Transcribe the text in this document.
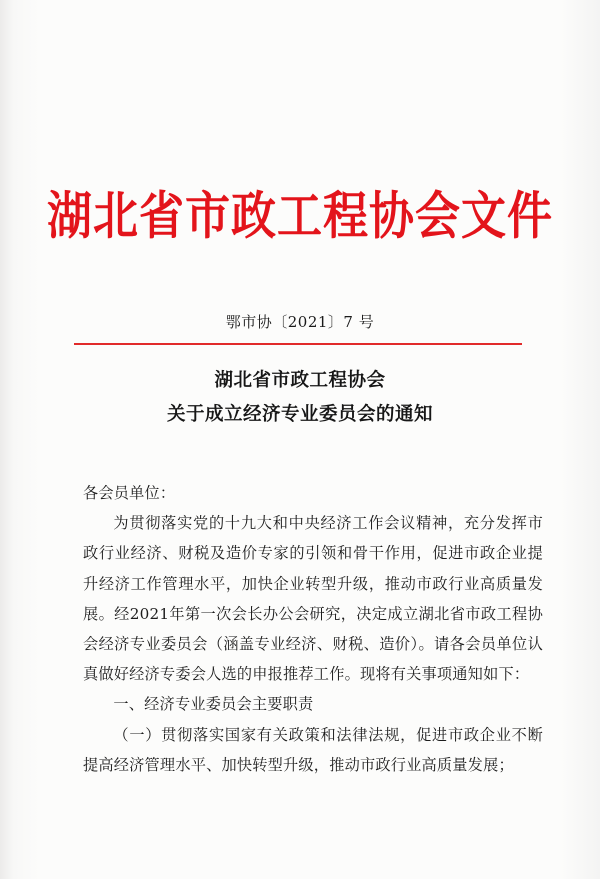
湖北省市政工程协会文件
鄂市协〔2021〕7 号
湖北省市政工程协会
关于成立经济专业委员会的通知

各会员单位：

为贯彻落实党的十九大和中央经济工作会议精神，充分发挥市政行业经济、财税及造价专家的引领和骨干作用，促进市政企业提升经济工作管理水平，加快企业转型升级，推动市政行业高质量发展。经2021年第一次会长办公会研究，决定成立湖北省市政工程协会经济专业委员会（涵盖专业经济、财税、造价）。请各会员单位认真做好经济专委会人选的申报推荐工作。现将有关事项通知如下：

一、经济专业委员会主要职责

（一）贯彻落实国家有关政策和法律法规，促进市政企业不断提高经济管理水平、加快转型升级，推动市政行业高质量发展；
